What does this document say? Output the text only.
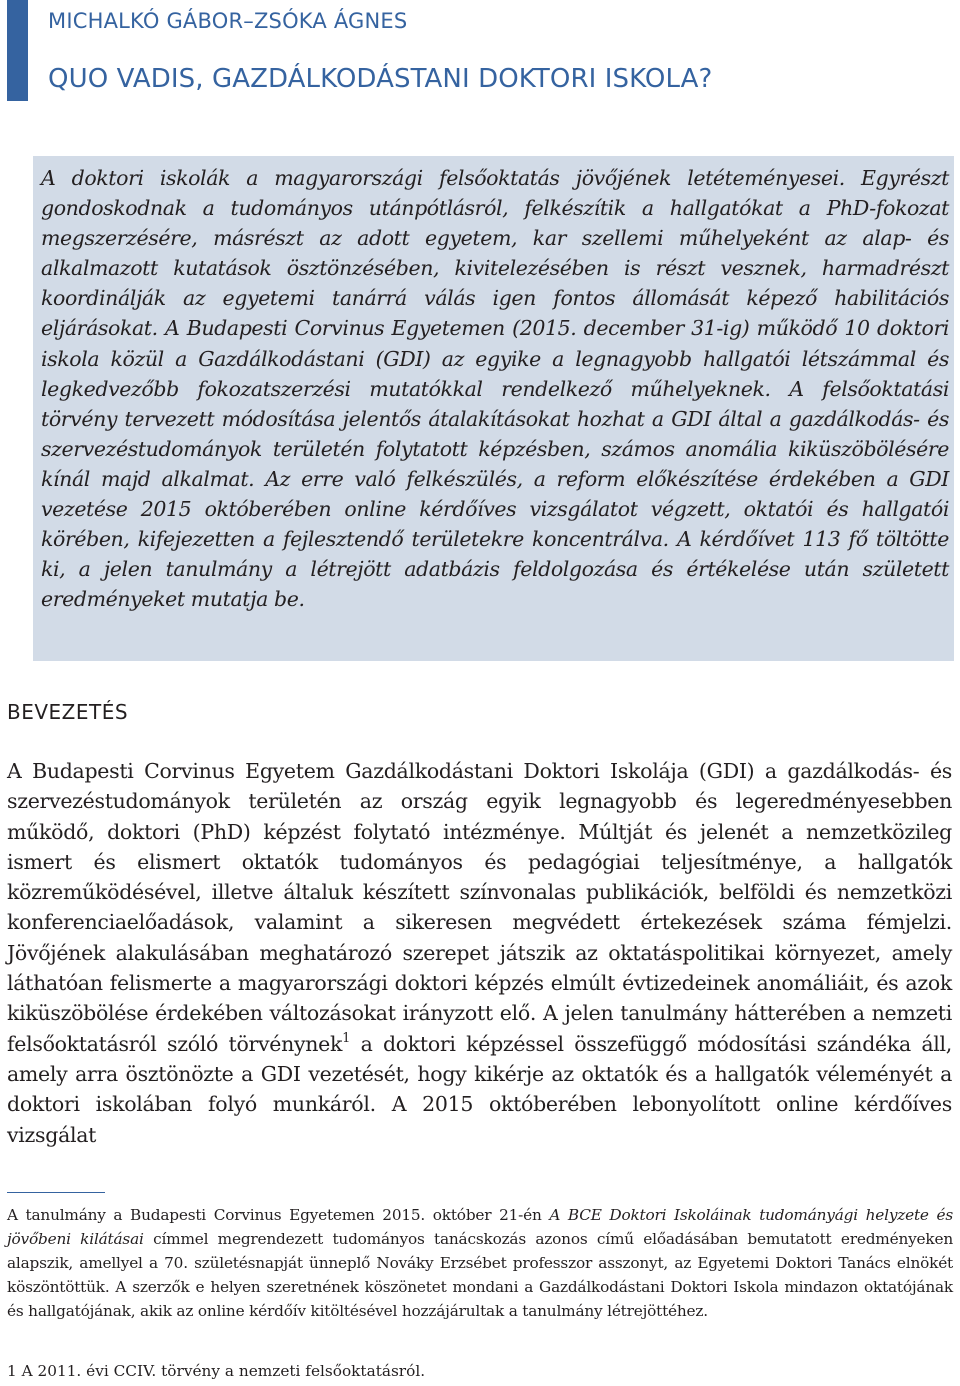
MICHALKÓ GÁBOR–ZSÓKA ÁGNES
QUO VADIS, GAZDÁLKODÁSTANI DOKTORI ISKOLA?

A doktori iskolák a magyarországi felsőoktatás jövőjének letéteményesei. Egyrészt gondoskodnak a tudományos utánpótlásról, felkészítik a hallgatókat a PhD-fokozat megszerzésére, másrészt az adott egyetem, kar szellemi műhelyeként az alap- és alkalmazott kutatások ösztönzésében, kivitelezésében is részt vesznek, harmadrészt koordinálják az egyetemi tanárrá válás igen fontos állomását képező habilitációs eljárásokat. A Budapesti Corvinus Egyetemen (2015. december 31-ig) működő 10 doktori iskola közül a Gazdálkodástani (GDI) az egyike a legnagyobb hallgatói létszámmal és legkedvezőbb fokozatszerzési mutatókkal rendelkező műhelyeknek. A felsőoktatási törvény tervezett módosítása jelentős átalakításokat hozhat a GDI által a gazdálkodás- és szervezéstudományok területén folytatott képzésben, számos anomália kiküszöbölésére kínál majd alkalmat. Az erre való felkészülés, a reform előkészítése érdekében a GDI vezetése 2015 októberében online kérdőíves vizsgálatot végzett, oktatói és hallgatói körében, kifejezetten a fejlesztendő területekre koncentrálva. A kérdőívet 113 fő töltötte ki, a jelen tanulmány a létrejött adatbázis feldolgozása és értékelése után született eredményeket mutatja be.

BEVEZETÉS

A Budapesti Corvinus Egyetem Gazdálkodástani Doktori Iskolája (GDI) a gazdálkodás- és szervezéstudományok területén az ország egyik legnagyobb és legeredményesebben működő, doktori (PhD) képzést folytató intézménye. Múltját és jelenét a nemzetközileg ismert és elismert oktatók tudományos és pedagógiai teljesítménye, a hallgatók közreműködésével, illetve általuk készített színvonalas publikációk, belföldi és nemzetközi konferenciaelőadások, valamint a sikeresen megvédett értekezések száma fémjelzi. Jövőjének alakulásában meghatározó szerepet játszik az oktatáspolitikai környezet, amely láthatóan felismerte a magyarországi doktori képzés elmúlt évtizedeinek anomáliáit, és azok kiküszöbölése érdekében változásokat irányzott elő. A jelen tanulmány hátterében a nemzeti felsőoktatásról szóló törvénynek$^1$ a doktori képzéssel összefüggő módosítási szándéka áll, amely arra ösztönözte a GDI vezetését, hogy kikérje az oktatók és a hallgatók véleményét a doktori iskolában folyó munkáról. A 2015 októberében lebonyolított online kérdőíves vizsgálat

A tanulmány a Budapesti Corvinus Egyetemen 2015. október 21-én A BCE Doktori Iskoláinak tudományági helyzete és jövőbeni kilátásai címmel megrendezett tudományos tanácskozás azonos című előadásában bemutatott eredményeken alapszik, amellyel a 70. születésnapját ünneplő Nováky Erzsébet professzor asszonyt, az Egyetemi Doktori Tanács elnökét köszöntöttük. A szerzők e helyen szeretnének köszönetet mondani a Gazdálkodástani Doktori Iskola mindazon oktatójának és hallgatójának, akik az online kérdőív kitöltésével hozzájárultak a tanulmány létrejöttéhez.

1 A 2011. évi CCIV. törvény a nemzeti felsőoktatásról.
